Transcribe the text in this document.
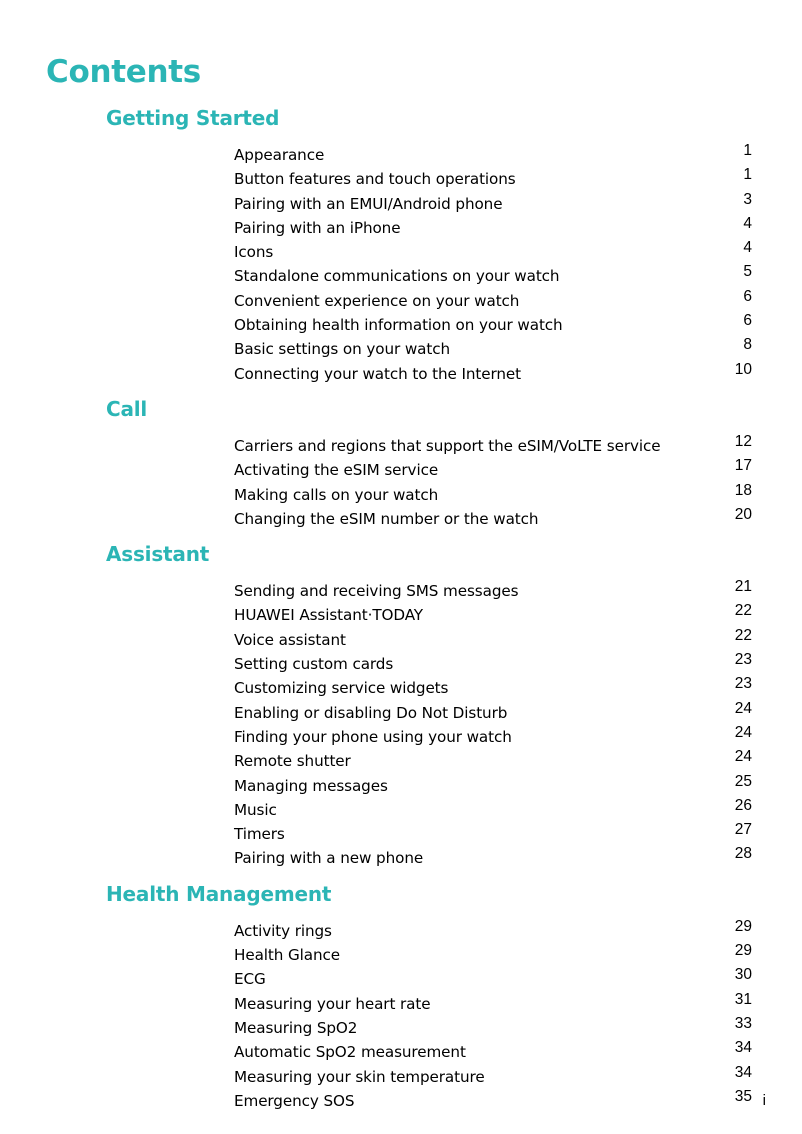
Contents
Getting Started
Appearance	1
Button features and touch operations	1
Pairing with an EMUI/Android phone	3
Pairing with an iPhone	4
Icons	4
Standalone communications on your watch	5
Convenient experience on your watch	6
Obtaining health information on your watch	6
Basic settings on your watch	8
Connecting your watch to the Internet	10
Call
Carriers and regions that support the eSIM/VoLTE service	12
Activating the eSIM service	17
Making calls on your watch	18
Changing the eSIM number or the watch	20
Assistant
Sending and receiving SMS messages	21
HUAWEI Assistant·TODAY	22
Voice assistant	22
Setting custom cards	23
Customizing service widgets	23
Enabling or disabling Do Not Disturb	24
Finding your phone using your watch	24
Remote shutter	24
Managing messages	25
Music	26
Timers	27
Pairing with a new phone	28
Health Management
Activity rings	29
Health Glance	29
ECG	30
Measuring your heart rate	31
Measuring SpO2	33
Automatic SpO2 measurement	34
Measuring your skin temperature	34
Emergency SOS	35 i
